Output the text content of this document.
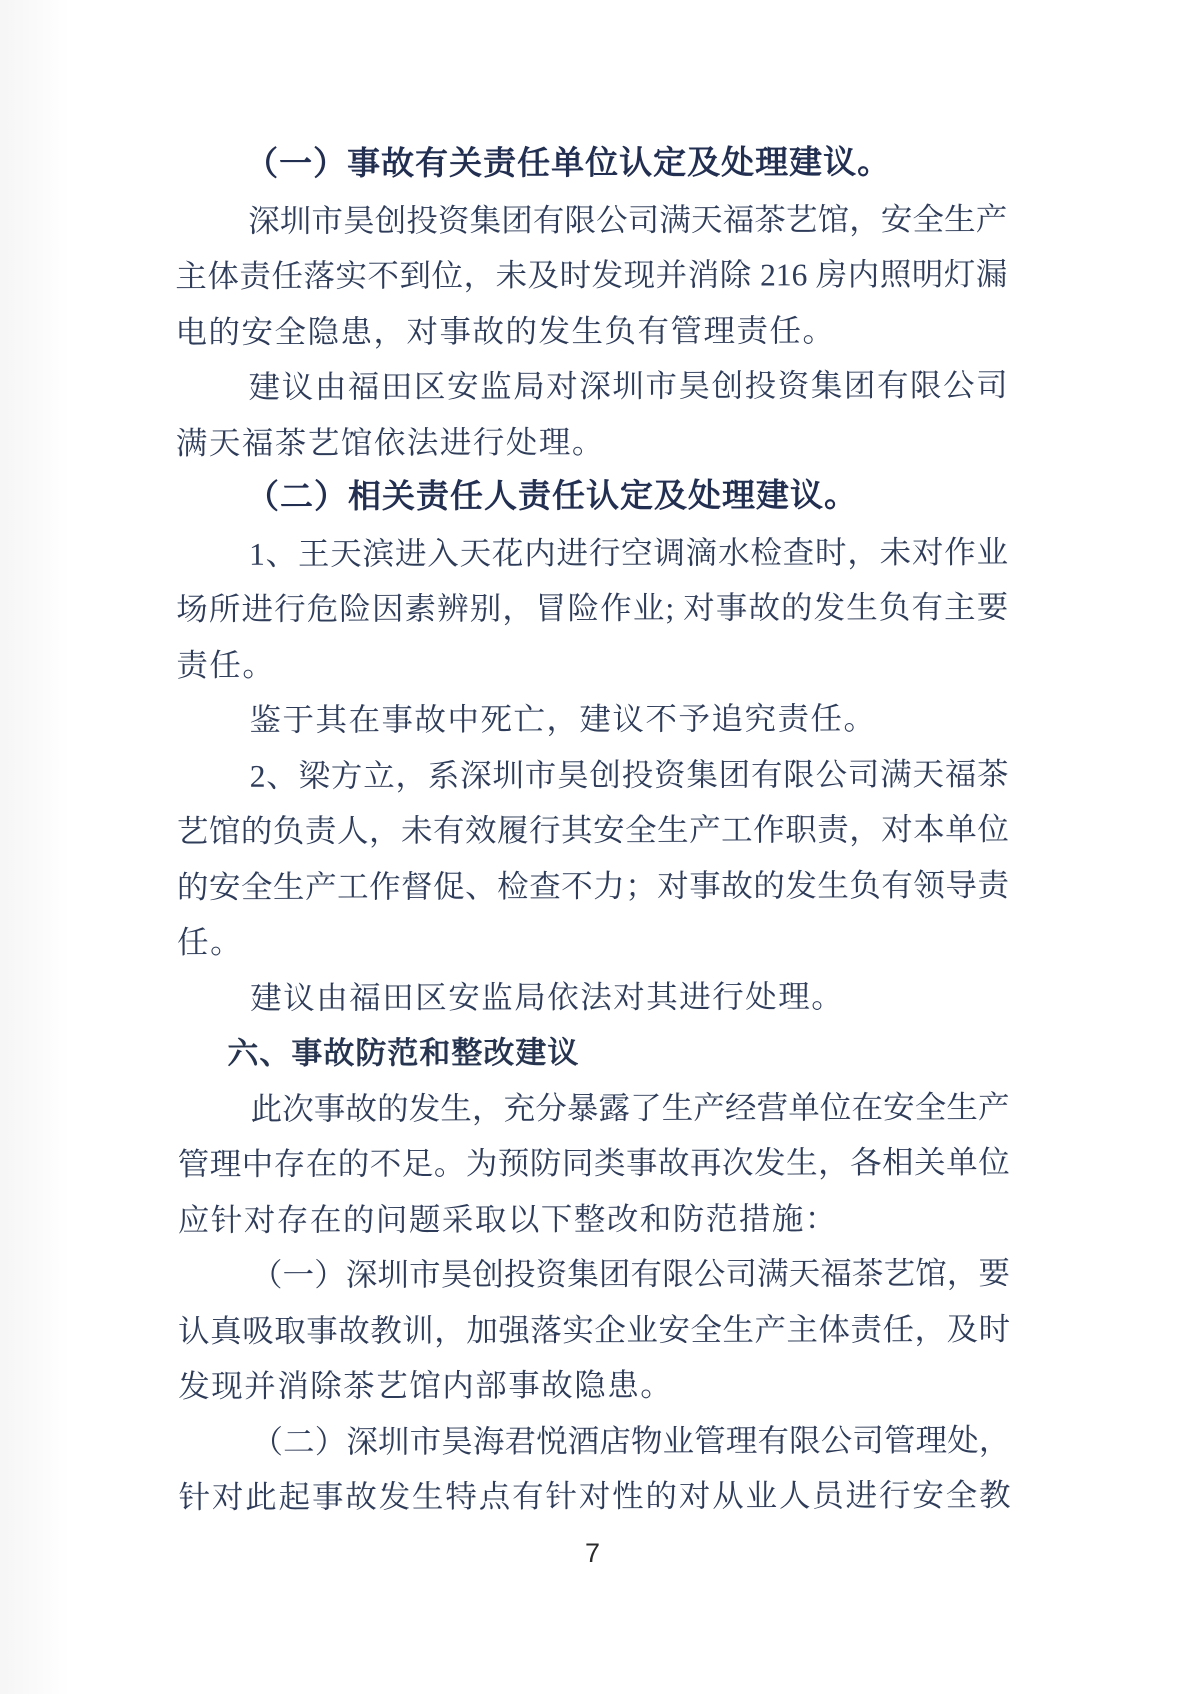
（一）事故有关责任单位认定及处理建议。
深圳市昊创投资集团有限公司满天福茶艺馆，安全生产
主体责任落实不到位，未及时发现并消除 216 房内照明灯漏
电的安全隐患，对事故的发生负有管理责任。
建议由福田区安监局对深圳市昊创投资集团有限公司
满天福茶艺馆依法进行处理。
（二）相关责任人责任认定及处理建议。
1、王天滨进入天花内进行空调滴水检查时，未对作业
场所进行危险因素辨别，冒险作业; 对事故的发生负有主要
责任。
鉴于其在事故中死亡，建议不予追究责任。
2、梁方立，系深圳市昊创投资集团有限公司满天福茶
艺馆的负责人，未有效履行其安全生产工作职责，对本单位
的安全生产工作督促、检查不力；对事故的发生负有领导责
任。
建议由福田区安监局依法对其进行处理。
六、事故防范和整改建议
此次事故的发生，充分暴露了生产经营单位在安全生产
管理中存在的不足。为预防同类事故再次发生，各相关单位
应针对存在的问题采取以下整改和防范措施：
（一）深圳市昊创投资集团有限公司满天福茶艺馆，要
认真吸取事故教训，加强落实企业安全生产主体责任，及时
发现并消除茶艺馆内部事故隐患。
（二）深圳市昊海君悦酒店物业管理有限公司管理处，
针对此起事故发生特点有针对性的对从业人员进行安全教
7
